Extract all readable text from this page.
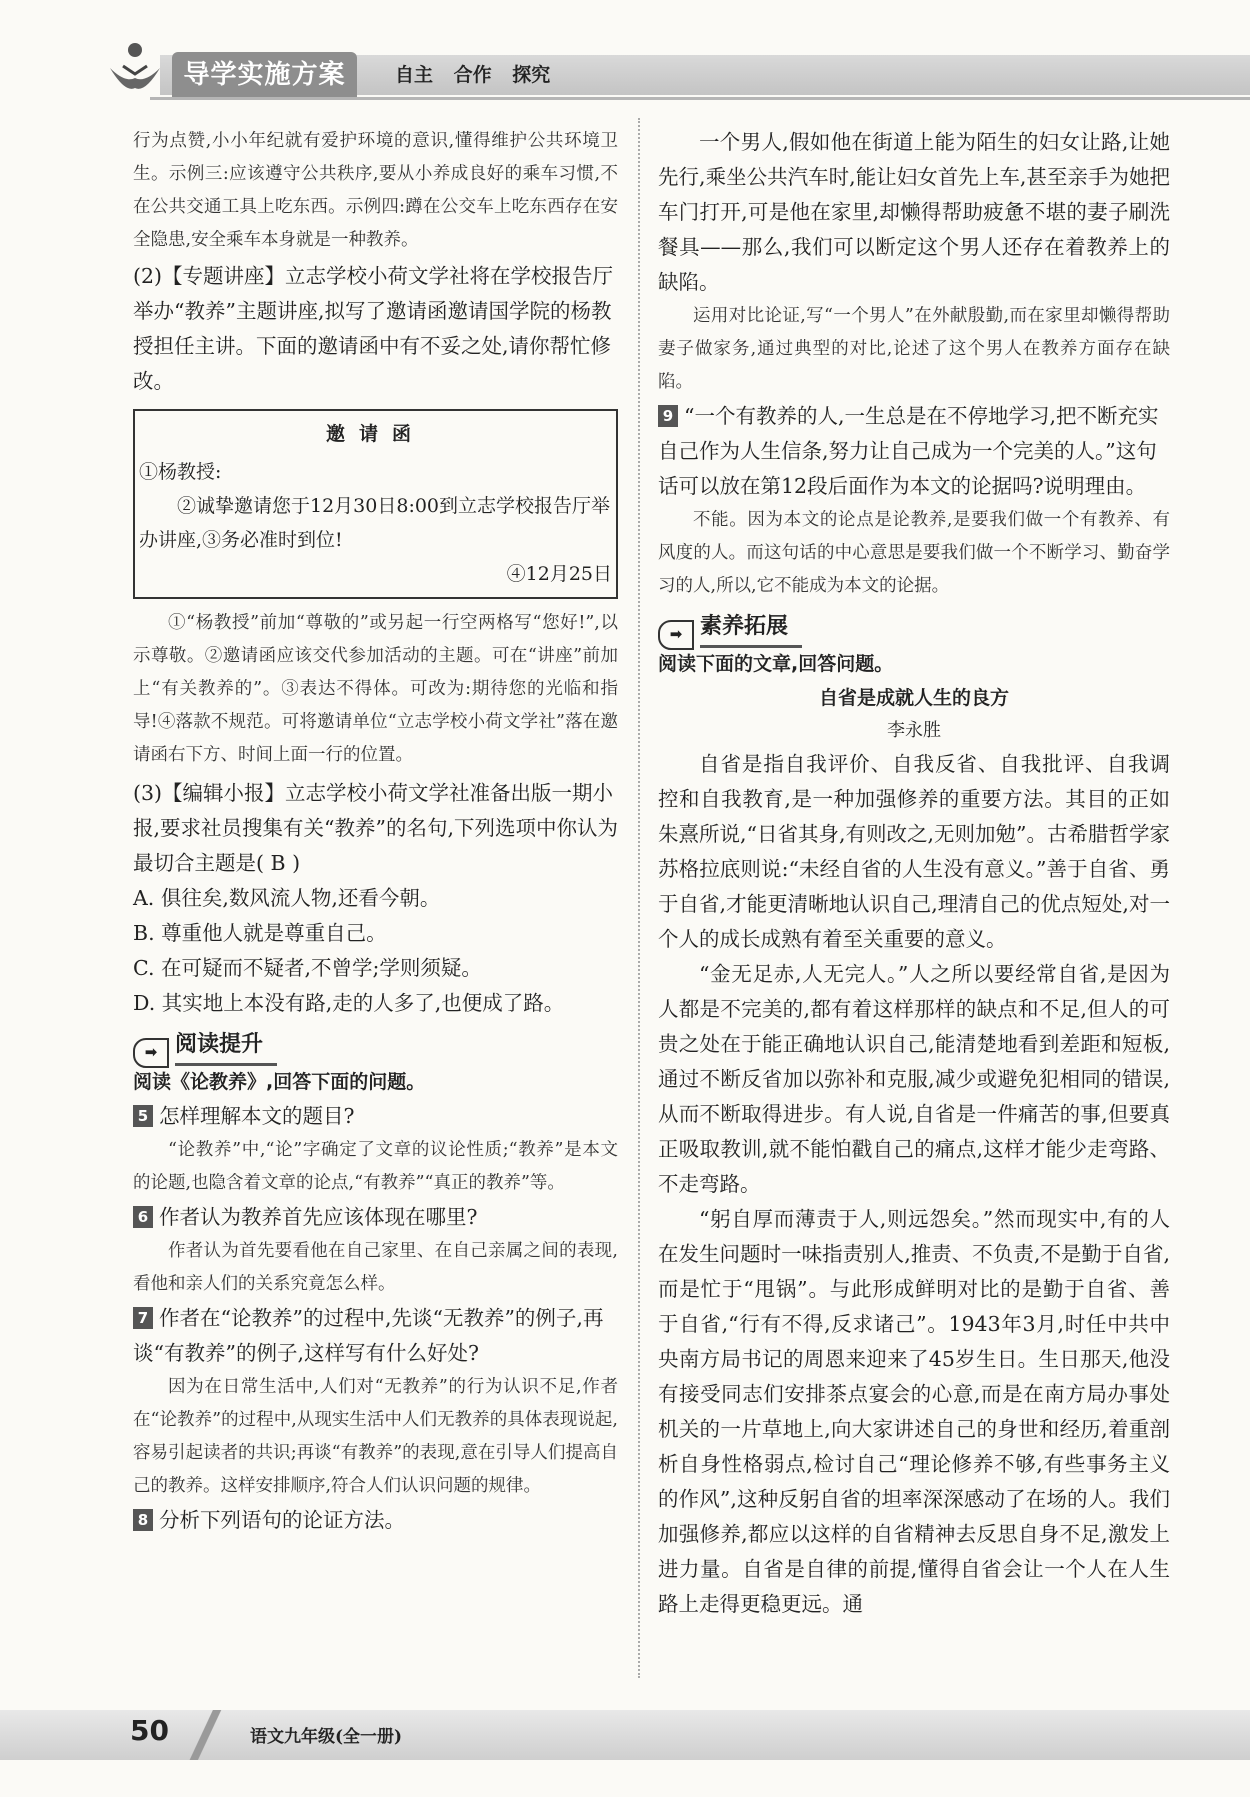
导学实施方案	自主 合作 探究

行为点赞,小小年纪就有爱护环境的意识,懂得维护公共环境卫生。示例三:应该遵守公共秩序,要从小养成良好的乘车习惯,不在公共交通工具上吃东西。示例四:蹲在公交车上吃东西存在安全隐患,安全乘车本身就是一种教养。

(2)【专题讲座】立志学校小荷文学社将在学校报告厅举办“教养”主题讲座,拟写了邀请函邀请国学院的杨教授担任主讲。下面的邀请函中有不妥之处,请你帮忙修改。

邀请函
①杨教授:
②诚挚邀请您于12月30日8:00到立志学校报告厅举办讲座,③务必准时到位!
④12月25日

①“杨教授”前加“尊敬的”或另起一行空两格写“您好!”,以示尊敬。②邀请函应该交代参加活动的主题。可在“讲座”前加上“有关教养的”。③表达不得体。可改为:期待您的光临和指导!④落款不规范。可将邀请单位“立志学校小荷文学社”落在邀请函右下方、时间上面一行的位置。

(3)【编辑小报】立志学校小荷文学社准备出版一期小报,要求社员搜集有关“教养”的名句,下列选项中你认为最切合主题是( B )

A. 俱往矣,数风流人物,还看今朝。

B. 尊重他人就是尊重自己。

C. 在可疑而不疑者,不曾学;学则须疑。

D. 其实地上本没有路,走的人多了,也便成了路。

➡ 阅读提升

阅读《论教养》,回答下面的问题。

5 怎样理解本文的题目?

“论教养”中,“论”字确定了文章的议论性质;“教养”是本文的论题,也隐含着文章的论点,“有教养”“真正的教养”等。

6 作者认为教养首先应该体现在哪里?

作者认为首先要看他在自己家里、在自己亲属之间的表现,看他和亲人们的关系究竟怎么样。

7 作者在“论教养”的过程中,先谈“无教养”的例子,再谈“有教养”的例子,这样写有什么好处?

因为在日常生活中,人们对“无教养”的行为认识不足,作者在“论教养”的过程中,从现实生活中人们无教养的具体表现说起,容易引起读者的共识;再谈“有教养”的表现,意在引导人们提高自己的教养。这样安排顺序,符合人们认识问题的规律。

8 分析下列语句的论证方法。

一个男人,假如他在街道上能为陌生的妇女让路,让她先行,乘坐公共汽车时,能让妇女首先上车,甚至亲手为她把车门打开,可是他在家里,却懒得帮助疲惫不堪的妻子刷洗餐具——那么,我们可以断定这个男人还存在着教养上的缺陷。

运用对比论证,写“一个男人”在外献殷勤,而在家里却懒得帮助妻子做家务,通过典型的对比,论述了这个男人在教养方面存在缺陷。

9 “一个有教养的人,一生总是在不停地学习,把不断充实自己作为人生信条,努力让自己成为一个完美的人。”这句话可以放在第12段后面作为本文的论据吗?说明理由。

不能。因为本文的论点是论教养,是要我们做一个有教养、有风度的人。而这句话的中心意思是要我们做一个不断学习、勤奋学习的人,所以,它不能成为本文的论据。

➡ 素养拓展

阅读下面的文章,回答问题。

自省是成就人生的良方

李永胜

自省是指自我评价、自我反省、自我批评、自我调控和自我教育,是一种加强修养的重要方法。其目的正如朱熹所说,“日省其身,有则改之,无则加勉”。古希腊哲学家苏格拉底则说:“未经自省的人生没有意义。”善于自省、勇于自省,才能更清晰地认识自己,理清自己的优点短处,对一个人的成长成熟有着至关重要的意义。

“金无足赤,人无完人。”人之所以要经常自省,是因为人都是不完美的,都有着这样那样的缺点和不足,但人的可贵之处在于能正确地认识自己,能清楚地看到差距和短板,通过不断反省加以弥补和克服,减少或避免犯相同的错误,从而不断取得进步。有人说,自省是一件痛苦的事,但要真正吸取教训,就不能怕戳自己的痛点,这样才能少走弯路、不走弯路。

“躬自厚而薄责于人,则远怨矣。”然而现实中,有的人在发生问题时一味指责别人,推责、不负责,不是勤于自省,而是忙于“甩锅”。与此形成鲜明对比的是勤于自省、善于自省,“行有不得,反求诸己”。1943年3月,时任中共中央南方局书记的周恩来迎来了45岁生日。生日那天,他没有接受同志们安排茶点宴会的心意,而是在南方局办事处机关的一片草地上,向大家讲述自己的身世和经历,着重剖析自身性格弱点,检讨自己“理论修养不够,有些事务主义的作风”,这种反躬自省的坦率深深感动了在场的人。我们加强修养,都应以这样的自省精神去反思自身不足,激发上进力量。自省是自律的前提,懂得自省会让一个人在人生路上走得更稳更远。通

50	语文九年级(全一册)
